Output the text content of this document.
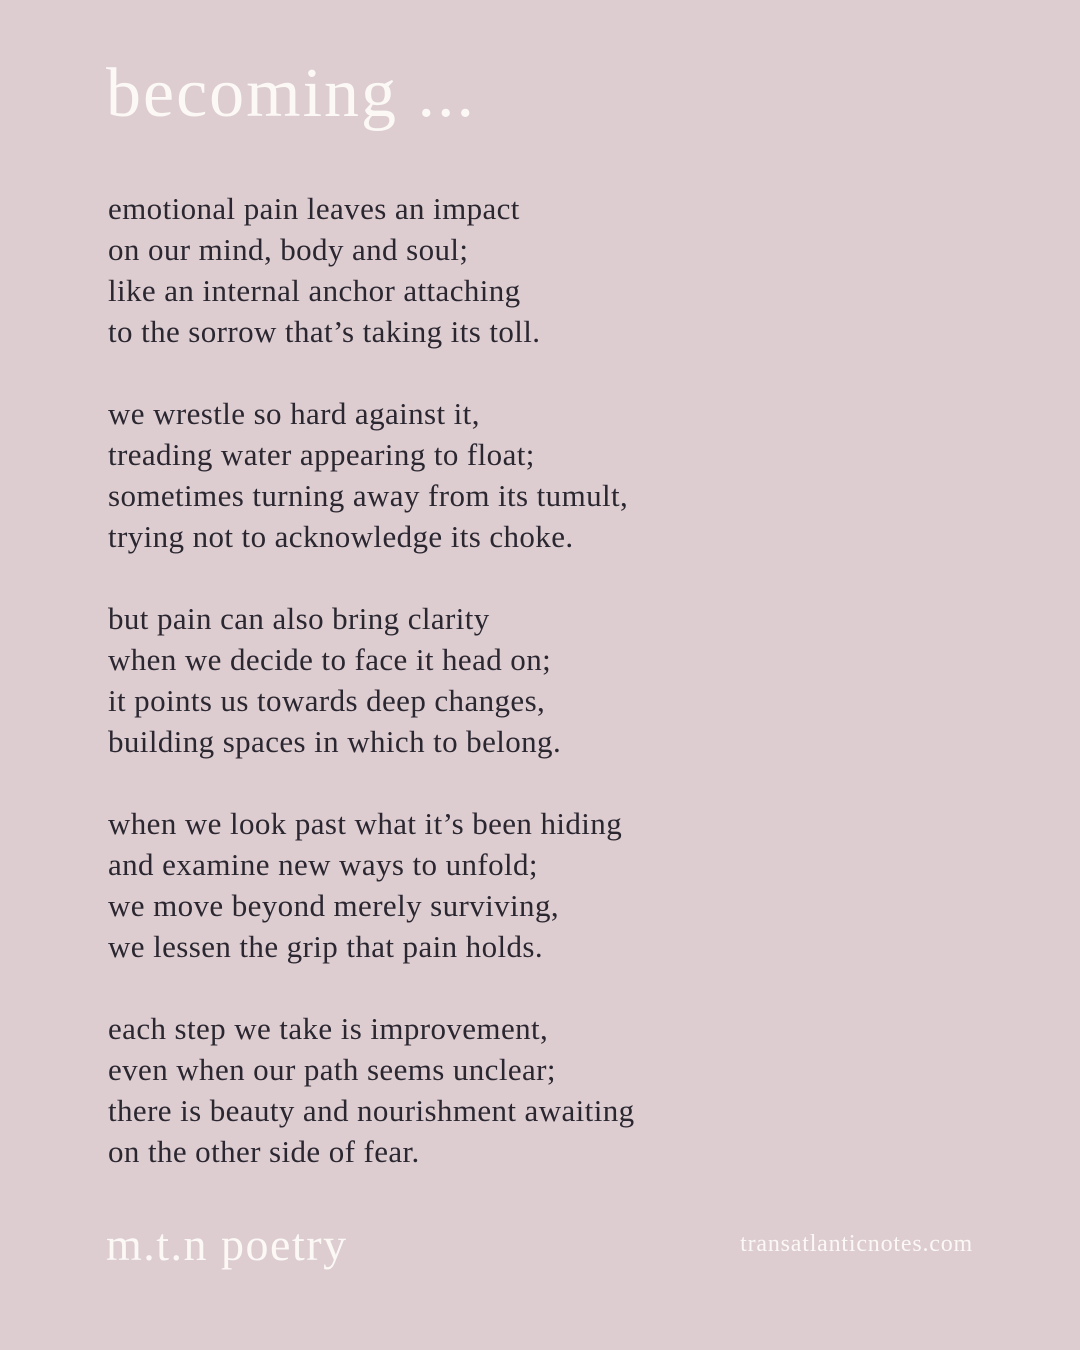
becoming ...
emotional pain leaves an impact
on our mind, body and soul;
like an internal anchor attaching
to the sorrow that’s taking its toll.
we wrestle so hard against it,
treading water appearing to float;
sometimes turning away from its tumult,
trying not to acknowledge its choke.
but pain can also bring clarity
when we decide to face it head on;
it points us towards deep changes,
building spaces in which to belong.
when we look past what it’s been hiding
and examine new ways to unfold;
we move beyond merely surviving,
we lessen the grip that pain holds.
each step we take is improvement,
even when our path seems unclear;
there is beauty and nourishment awaiting
on the other side of fear.
m.t.n poetry	transatlanticnotes.com
